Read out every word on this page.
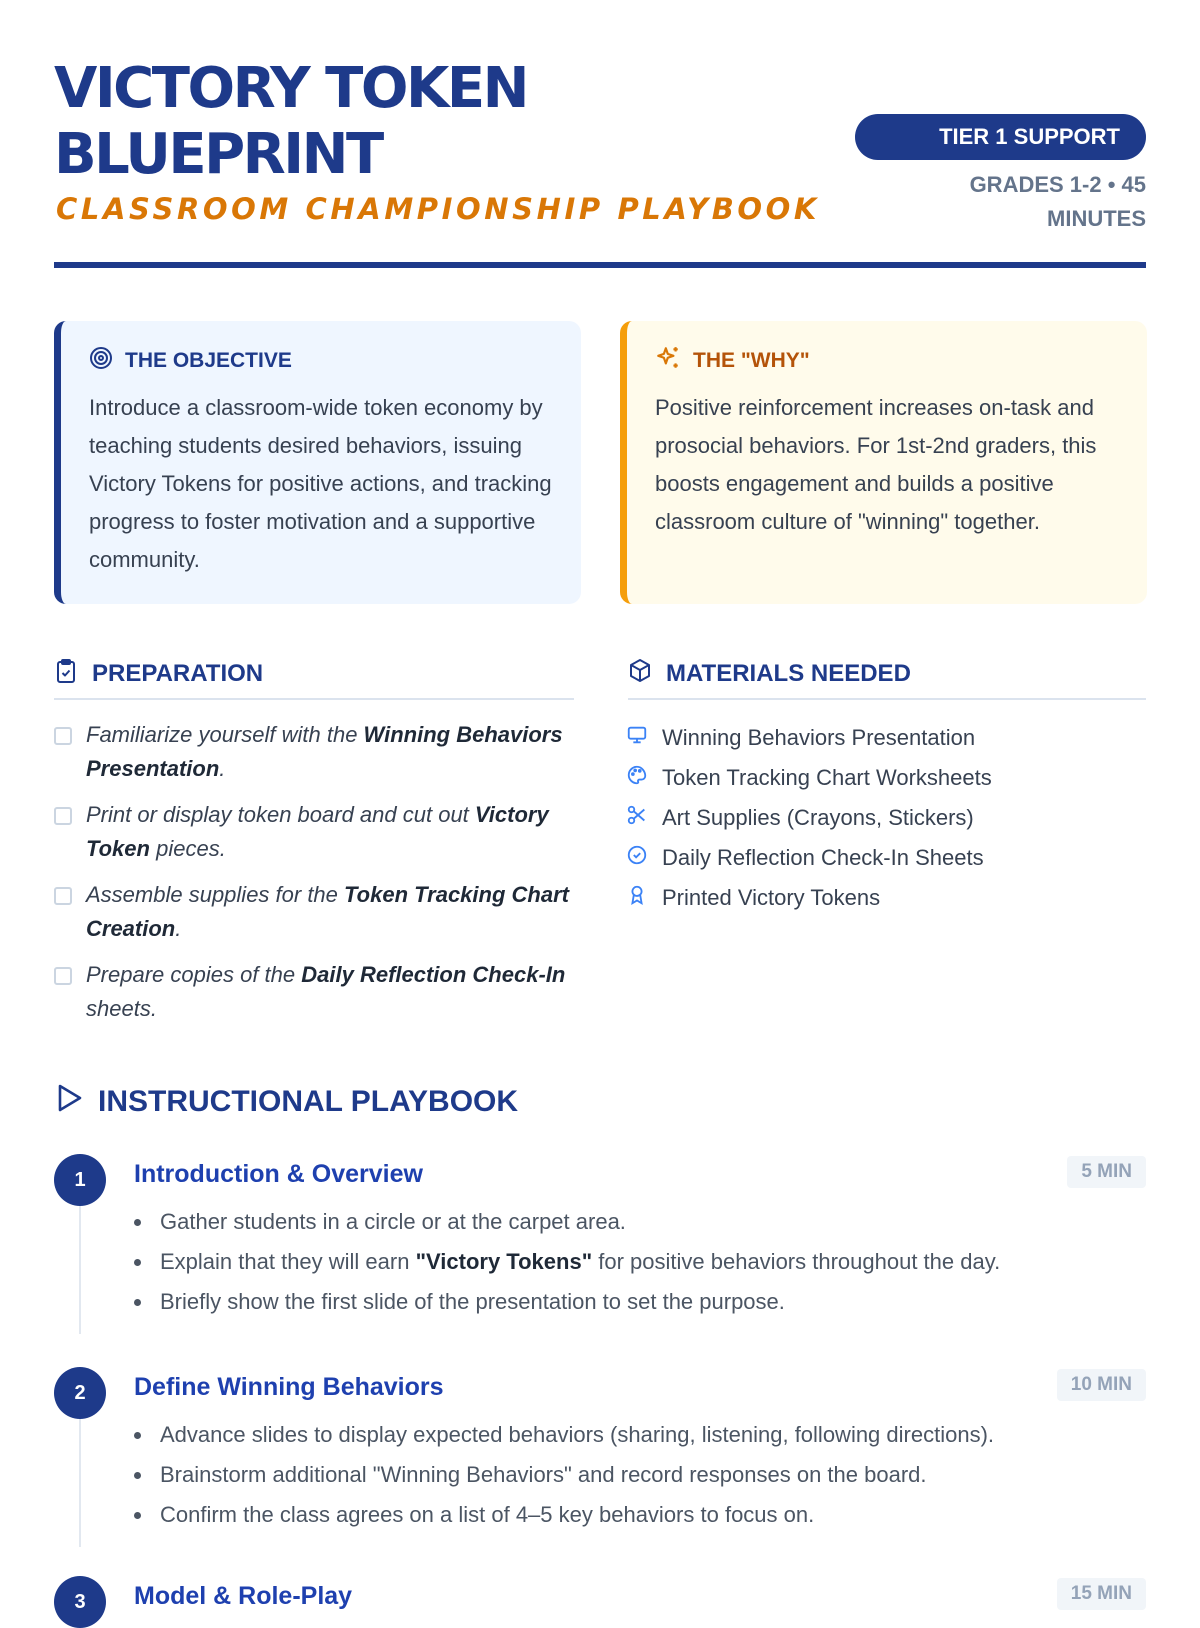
VICTORY TOKEN
BLUEPRINT
CLASSROOM CHAMPIONSHIP PLAYBOOK
TIER 1 SUPPORT
GRADES 1-2 • 45
MINUTES
THE OBJECTIVE

Introduce a classroom-wide token economy by teaching students desired behaviors, issuing Victory Tokens for positive actions, and tracking progress to foster motivation and a supportive community.

THE "WHY"

Positive reinforcement increases on-task and prosocial behaviors. For 1st-2nd graders, this boosts engagement and builds a positive classroom culture of "winning" together.

PREPARATION
Familiarize yourself with the Winning Behaviors Presentation.
Print or display token board and cut out Victory Token pieces.
Assemble supplies for the Token Tracking Chart Creation.
Prepare copies of the Daily Reflection Check-In sheets.
MATERIALS NEEDED
Winning Behaviors Presentation
Token Tracking Chart Worksheets
Art Supplies (Crayons, Stickers)
Daily Reflection Check-In Sheets
Printed Victory Tokens
INSTRUCTIONAL PLAYBOOK
1	Introduction & Overview	5 MIN
Gather students in a circle or at the carpet area.
Explain that they will earn "Victory Tokens" for positive behaviors throughout the day.
Briefly show the first slide of the presentation to set the purpose.
2	Define Winning Behaviors	10 MIN
Advance slides to display expected behaviors (sharing, listening, following directions).
Brainstorm additional "Winning Behaviors" and record responses on the board.
Confirm the class agrees on a list of 4–5 key behaviors to focus on.
3	Model & Role-Play	15 MIN
